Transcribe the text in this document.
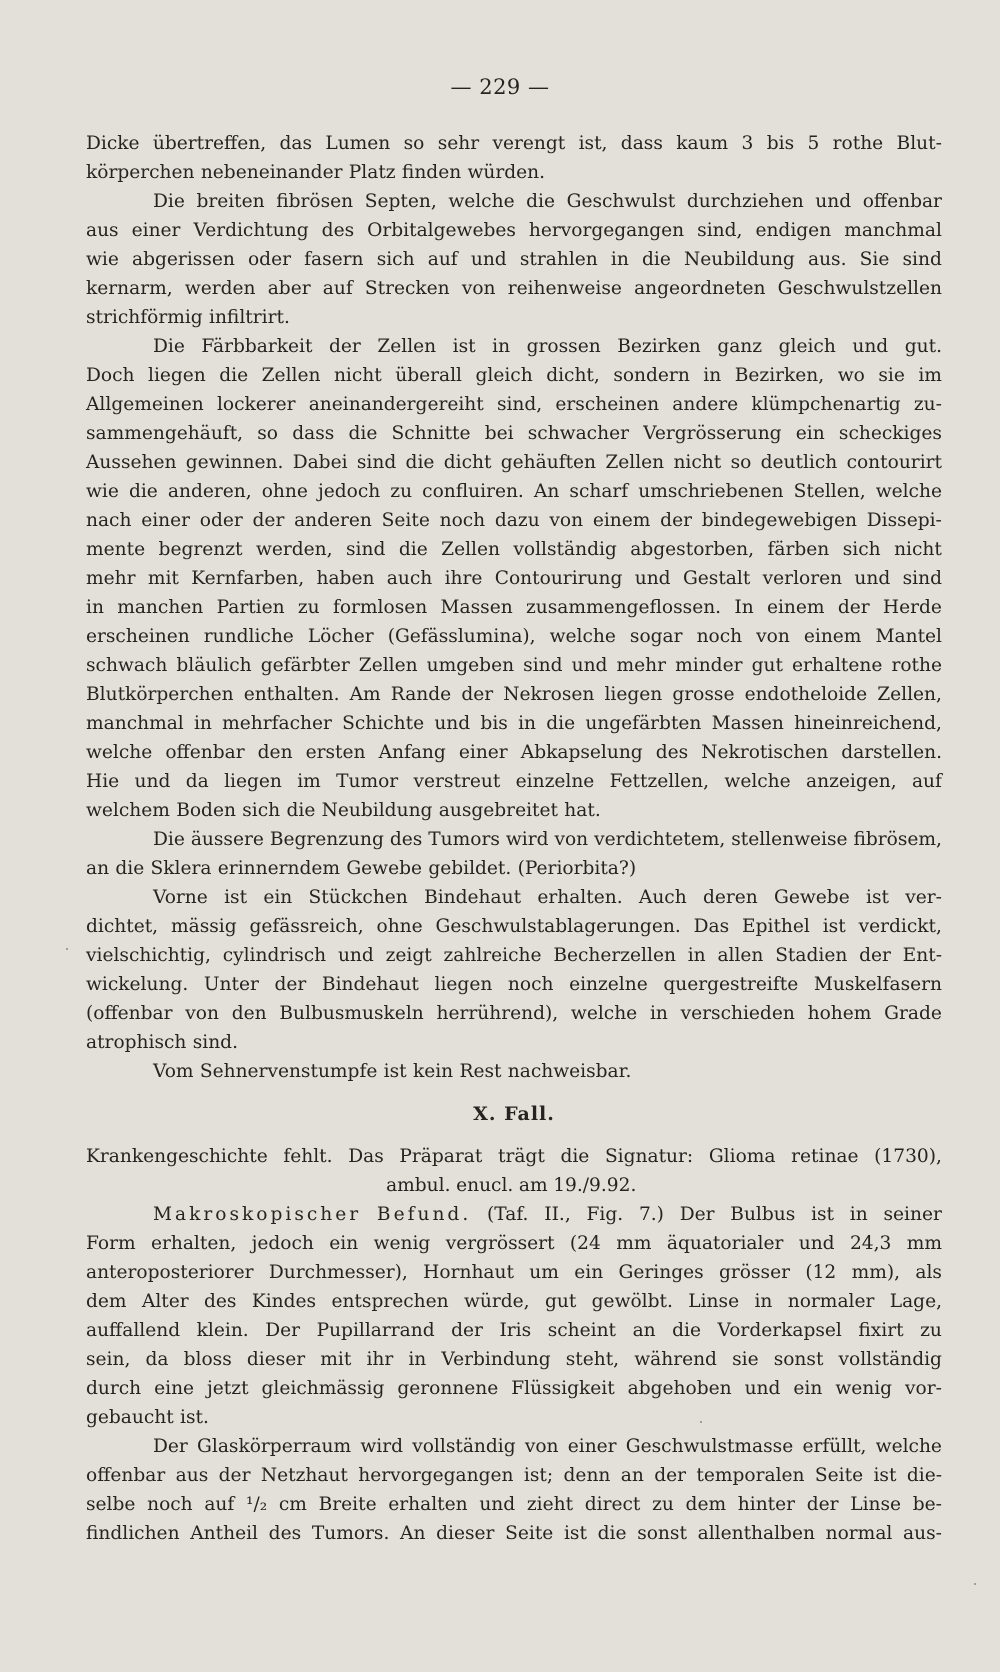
— 229 —
Dicke übertreffen, das Lumen so sehr verengt ist, dass kaum 3 bis 5 rothe Blut-
körperchen nebeneinander Platz finden würden.
Die breiten fibrösen Septen, welche die Geschwulst durchziehen und offenbar
aus einer Verdichtung des Orbitalgewebes hervorgegangen sind, endigen manchmal
wie abgerissen oder fasern sich auf und strahlen in die Neubildung aus. Sie sind
kernarm, werden aber auf Strecken von reihenweise angeordneten Geschwulstzellen
strichförmig infiltrirt.
Die Färbbarkeit der Zellen ist in grossen Bezirken ganz gleich und gut.
Doch liegen die Zellen nicht überall gleich dicht, sondern in Bezirken, wo sie im
Allgemeinen lockerer aneinandergereiht sind, erscheinen andere klümpchenartig zu-
sammengehäuft, so dass die Schnitte bei schwacher Vergrösserung ein scheckiges
Aussehen gewinnen. Dabei sind die dicht gehäuften Zellen nicht so deutlich contourirt
wie die anderen, ohne jedoch zu confluiren. An scharf umschriebenen Stellen, welche
nach einer oder der anderen Seite noch dazu von einem der bindegewebigen Dissepi-
mente begrenzt werden, sind die Zellen vollständig abgestorben, färben sich nicht
mehr mit Kernfarben, haben auch ihre Contourirung und Gestalt verloren und sind
in manchen Partien zu formlosen Massen zusammengeflossen. In einem der Herde
erscheinen rundliche Löcher (Gefässlumina), welche sogar noch von einem Mantel
schwach bläulich gefärbter Zellen umgeben sind und mehr minder gut erhaltene rothe
Blutkörperchen enthalten. Am Rande der Nekrosen liegen grosse endotheloide Zellen,
manchmal in mehrfacher Schichte und bis in die ungefärbten Massen hineinreichend,
welche offenbar den ersten Anfang einer Abkapselung des Nekrotischen darstellen.
Hie und da liegen im Tumor verstreut einzelne Fettzellen, welche anzeigen, auf
welchem Boden sich die Neubildung ausgebreitet hat.
Die äussere Begrenzung des Tumors wird von verdichtetem, stellenweise fibrösem,
an die Sklera erinnerndem Gewebe gebildet. (Periorbita?)
Vorne ist ein Stückchen Bindehaut erhalten. Auch deren Gewebe ist ver-
dichtet, mässig gefässreich, ohne Geschwulstablagerungen. Das Epithel ist verdickt,
vielschichtig, cylindrisch und zeigt zahlreiche Becherzellen in allen Stadien der Ent-
wickelung. Unter der Bindehaut liegen noch einzelne quergestreifte Muskelfasern
(offenbar von den Bulbusmuskeln herrührend), welche in verschieden hohem Grade
atrophisch sind.
Vom Sehnervenstumpfe ist kein Rest nachweisbar.
X. Fall.
Krankengeschichte fehlt. Das Präparat trägt die Signatur: Glioma retinae (1730),
ambul. enucl. am 19./9.92.
Makroskopischer Befund. (Taf. II., Fig. 7.) Der Bulbus ist in seiner
Form erhalten, jedoch ein wenig vergrössert (24 mm äquatorialer und 24,3 mm
anteroposteriorer Durchmesser), Hornhaut um ein Geringes grösser (12 mm), als
dem Alter des Kindes entsprechen würde, gut gewölbt. Linse in normaler Lage,
auffallend klein. Der Pupillarrand der Iris scheint an die Vorderkapsel fixirt zu
sein, da bloss dieser mit ihr in Verbindung steht, während sie sonst vollständig
durch eine jetzt gleichmässig geronnene Flüssigkeit abgehoben und ein wenig vor-
gebaucht ist.
Der Glaskörperraum wird vollständig von einer Geschwulstmasse erfüllt, welche
offenbar aus der Netzhaut hervorgegangen ist; denn an der temporalen Seite ist die-
selbe noch auf ¹/₂ cm Breite erhalten und zieht direct zu dem hinter der Linse be-
findlichen Antheil des Tumors. An dieser Seite ist die sonst allenthalben normal aus-
